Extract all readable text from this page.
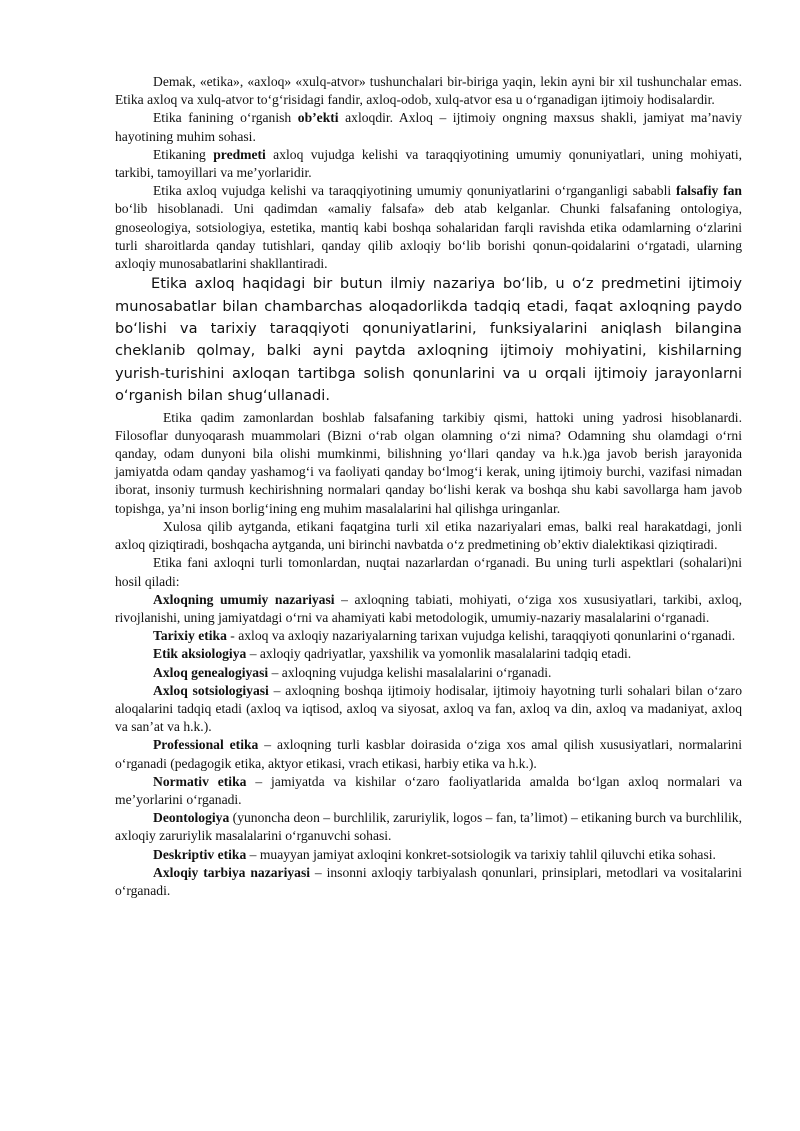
Demak, «etika», «axloq» «xulq-atvor» tushunchalari bir-biriga yaqin, lekin ayni bir xil tushunchalar emas. Etika axloq va xulq-atvor to‘g‘risidagi fandir, axloq-odob, xulq-atvor esa u o‘rganadigan ijtimoiy hodisalardir.

Etika fanining o‘rganish ob’ekti axloqdir. Axloq – ijtimoiy ongning maxsus shakli, jamiyat ma’naviy hayotining muhim sohasi.

Etikaning predmeti axloq vujudga kelishi va taraqqiyotining umumiy qonuniyatlari, uning mohiyati, tarkibi, tamoyillari va me’yorlaridir.

Etika axloq vujudga kelishi va taraqqiyotining umumiy qonuniyatlarini o‘rganganligi sababli falsafiy fan bo‘lib hisoblanadi. Uni qadimdan «amaliy falsafa» deb atab kelganlar. Chunki falsafaning ontologiya, gnoseologiya, sotsiologiya, estetika, mantiq kabi boshqa sohalaridan farqli ravishda etika odamlarning o‘zlarini turli sharoitlarda qanday tutishlari, qanday qilib axloqiy bo‘lib borishi qonun-qoidalarini o‘rgatadi, ularning axloqiy munosabatlarini shakllantiradi.

Etika axloq haqidagi bir butun ilmiy nazariya bo‘lib, u o‘z predmetini ijtimoiy munosabatlar bilan chambarchas aloqadorlikda tadqiq etadi, faqat axloqning paydo bo‘lishi va tarixiy taraqqiyoti qonuniyatlarini, funksiyalarini aniqlash bilangina cheklanib qolmay, balki ayni paytda axloqning ijtimoiy mohiyatini, kishilarning yurish-turishini axloqan tartibga solish qonunlarini va u orqali ijtimoiy jarayonlarni o‘rganish bilan shug‘ullanadi.

Etika qadim zamonlardan boshlab falsafaning tarkibiy qismi, hattoki uning yadrosi hisoblanardi. Filosoflar dunyoqarash muammolari (Bizni o‘rab olgan olamning o‘zi nima? Odamning shu olamdagi o‘rni qanday, odam dunyoni bila olishi mumkinmi, bilishning yo‘llari qanday va h.k.)ga javob berish jarayonida jamiyatda odam qanday yashamog‘i va faoliyati qanday bo‘lmog‘i kerak, uning ijtimoiy burchi, vazifasi nimadan iborat, insoniy turmush kechirishning normalari qanday bo‘lishi kerak va boshqa shu kabi savollarga ham javob topishga, ya’ni inson borlig‘ining eng muhim masalalarini hal qilishga uringanlar.

Xulosa qilib aytganda, etikani faqatgina turli xil etika nazariyalari emas, balki real harakatdagi, jonli axloq qiziqtiradi, boshqacha aytganda, uni birinchi navbatda o‘z predmetining ob’ektiv dialektikasi qiziqtiradi.

Etika fani axloqni turli tomonlardan, nuqtai nazarlardan o‘rganadi. Bu uning turli aspektlari (sohalari)ni hosil qiladi:

Axloqning umumiy nazariyasi – axloqning tabiati, mohiyati, o‘ziga xos xususiyatlari, tarkibi, axloq, rivojlanishi, uning jamiyatdagi o‘rni va ahamiyati kabi metodologik, umumiy-nazariy masalalarini o‘rganadi.

Tarixiy etika - axloq va axloqiy nazariyalarning tarixan vujudga kelishi, taraqqiyoti qonunlarini o‘rganadi.

Etik aksiologiya – axloqiy qadriyatlar, yaxshilik va yomonlik masalalarini tadqiq etadi.

Axloq genealogiyasi – axloqning vujudga kelishi masalalarini o‘rganadi.

Axloq sotsiologiyasi – axloqning boshqa ijtimoiy hodisalar, ijtimoiy hayotning turli sohalari bilan o‘zaro aloqalarini tadqiq etadi (axloq va iqtisod, axloq va siyosat, axloq va fan, axloq va din, axloq va madaniyat, axloq va san’at va h.k.).

Professional etika – axloqning turli kasblar doirasida o‘ziga xos amal qilish xususiyatlari, normalarini o‘rganadi (pedagogik etika, aktyor etikasi, vrach etikasi, harbiy etika va h.k.).

Normativ etika – jamiyatda va kishilar o‘zaro faoliyatlarida amalda bo‘lgan axloq normalari va me’yorlarini o‘rganadi.

Deontologiya (yunoncha deon – burchlilik, zaruriylik, logos – fan, ta’limot) – etikaning burch va burchlilik, axloqiy zaruriylik masalalarini o‘rganuvchi sohasi.

Deskriptiv etika – muayyan jamiyat axloqini konkret-sotsiologik va tarixiy tahlil qiluvchi etika sohasi.

Axloqiy tarbiya nazariyasi – insonni axloqiy tarbiyalash qonunlari, prinsiplari, metodlari va vositalarini o‘rganadi.
